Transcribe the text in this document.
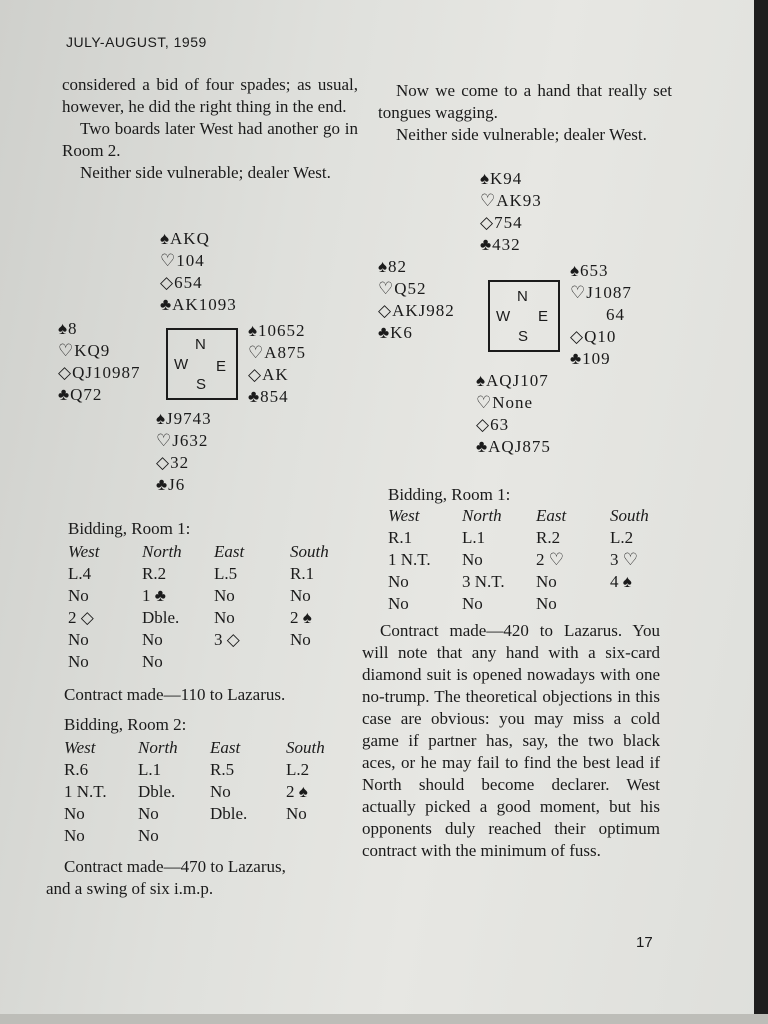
JULY-AUGUST, 1959

considered a bid of four spades; as usual, however, he did the right thing in the end.

Two boards later West had another go in Room 2.

Neither side vulnerable; dealer West.

♠AKQ
♡104
◇654
♣AK1093
♠8
♡KQ9
◇QJ10987
♣Q72
N
W E
S
♠10652
♡A875
◇AK
♣854
♠J9743
♡J632
◇32
♣J6
Bidding, Room 1:
West	North East	South
L.4	R.2	L.5	R.1
No	1 ♣	No	No
2 ◇	Dble. No	2 ♠
No	No	3 ◇	No
No	No
Contract made—110 to Lazarus.
Bidding, Room 2:
West	North East	South
R.6	L.1	R.5	L.2
1 N.T. Dble. No	2 ♠
No	No	Dble. No
No	No
Contract made—470 to Lazarus,
and a swing of six i.m.p.

Now we come to a hand that really set tongues wagging.

Neither side vulnerable; dealer West.

♠K94
♡AK93
◇754
♣432
♠82
♡Q52
◇AKJ982
♣K6
N
W E
S
♠653
♡J1087
64
◇Q10
♣109
♠AQJ107
♡None
◇63
♣AQJ875
Bidding, Room 1:
West	North East	South
R.1	L.1	R.2	L.2
1 N.T. No	2 ♡	3 ♡
No	3 N.T. No	4 ♠
No	No	No

Contract made—420 to Lazarus. You will note that any hand with a six-card diamond suit is opened nowadays with one no-trump. The theoretical objections in this case are obvious: you may miss a cold game if partner has, say, the two black aces, or he may fail to find the best lead if North should become declarer. West actually picked a good moment, but his opponents duly reached their optimum contract with the minimum of fuss.

17
